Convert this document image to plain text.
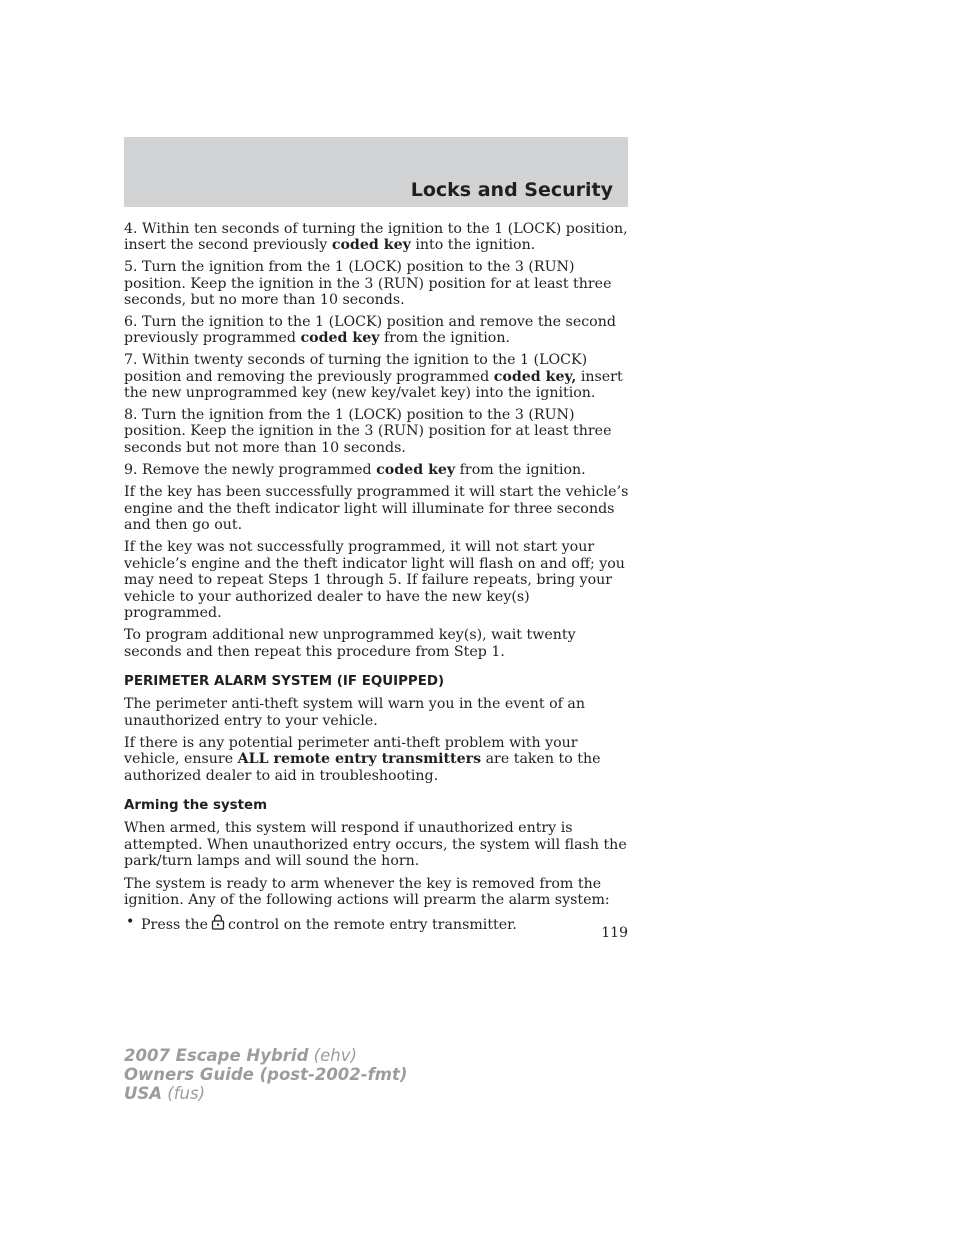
Locks and Security

4. Within ten seconds of turning the ignition to the 1 (LOCK) position, insert the second previously coded key into the ignition.

5. Turn the ignition from the 1 (LOCK) position to the 3 (RUN) position. Keep the ignition in the 3 (RUN) position for at least three seconds, but no more than 10 seconds.

6. Turn the ignition to the 1 (LOCK) position and remove the second previously programmed coded key from the ignition.

7. Within twenty seconds of turning the ignition to the 1 (LOCK) position and removing the previously programmed coded key, insert the new unprogrammed key (new key/valet key) into the ignition.

8. Turn the ignition from the 1 (LOCK) position to the 3 (RUN) position. Keep the ignition in the 3 (RUN) position for at least three seconds but not more than 10 seconds.

9. Remove the newly programmed coded key from the ignition.

If the key has been successfully programmed it will start the vehicle’s engine and the theft indicator light will illuminate for three seconds and then go out.

If the key was not successfully programmed, it will not start your vehicle’s engine and the theft indicator light will flash on and off; you may need to repeat Steps 1 through 5. If failure repeats, bring your vehicle to your authorized dealer to have the new key(s) programmed.

To program additional new unprogrammed key(s), wait twenty seconds and then repeat this procedure from Step 1.

PERIMETER ALARM SYSTEM (IF EQUIPPED)

The perimeter anti-theft system will warn you in the event of an unauthorized entry to your vehicle.

If there is any potential perimeter anti-theft problem with your vehicle, ensure ALL remote entry transmitters are taken to the authorized dealer to aid in troubleshooting.

Arming the system

When armed, this system will respond if unauthorized entry is attempted. When unauthorized entry occurs, the system will flash the park/turn lamps and will sound the horn.

The system is ready to arm whenever the key is removed from the ignition. Any of the following actions will prearm the alarm system:

• Press the control on the remote entry transmitter.	119
2007 Escape Hybrid (ehv)
Owners Guide (post-2002-fmt)
USA (fus)
